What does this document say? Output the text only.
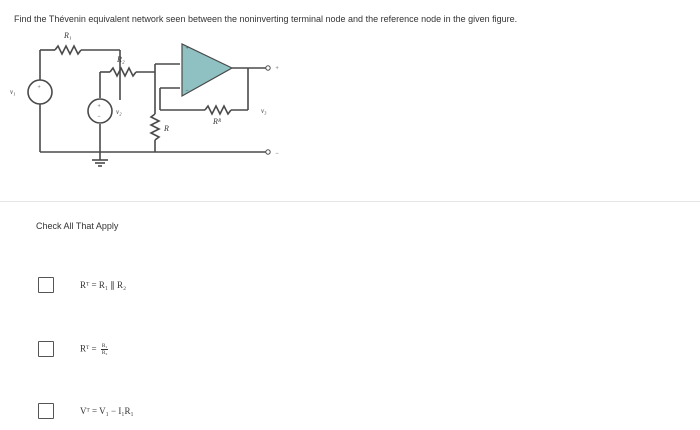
Find the Thévenin equivalent network seen between the noninverting terminal node and the reference node in the given figure.
R₁
R₂
Rᴿ
R
v₁
v₂	v₃
+
−
+
−
+
+
−
Check All That Apply
Rᵀ = R₁ ∥ R₂
Rᵀ = $\frac{\text{R₁}}{\text{R₂}}$
Vᵀ = V₁ − I₁R₁
